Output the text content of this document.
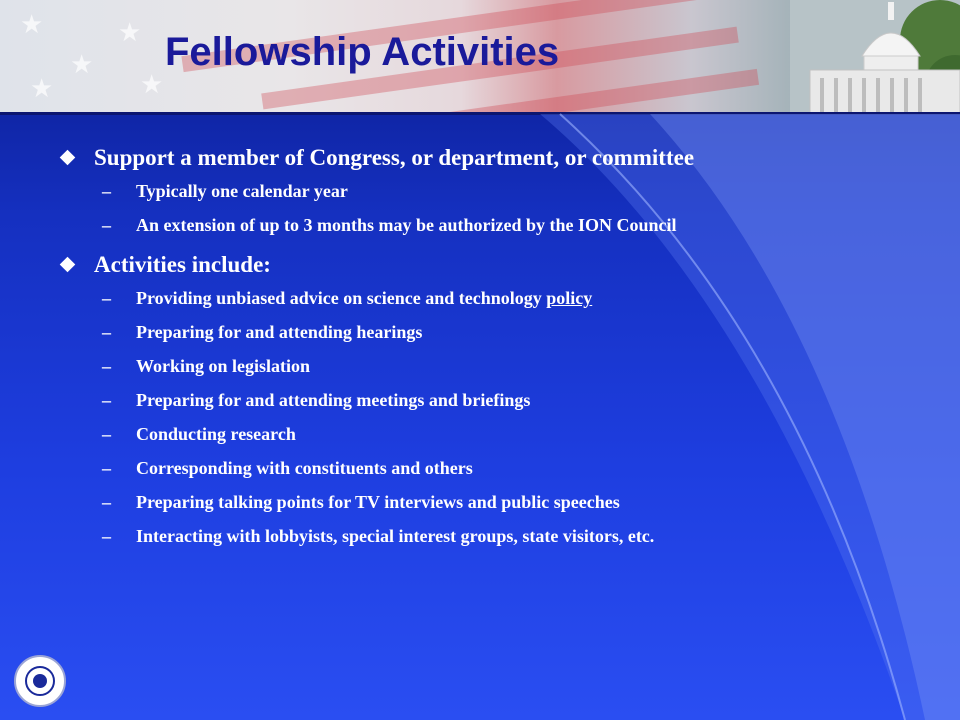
★
★
★
★	★
Fellowship Activities
Support a member of Congress, or department, or committee
– Typically one calendar year
– An extension of up to 3 months may be authorized by the ION Council
Activities include:
– Providing unbiased advice on science and technology policy
– Preparing for and attending hearings
– Working on legislation
– Preparing for and attending meetings and briefings
– Conducting research
– Corresponding with constituents and others
– Preparing talking points for TV interviews and public speeches
– Interacting with lobbyists, special interest groups, state visitors, etc.
